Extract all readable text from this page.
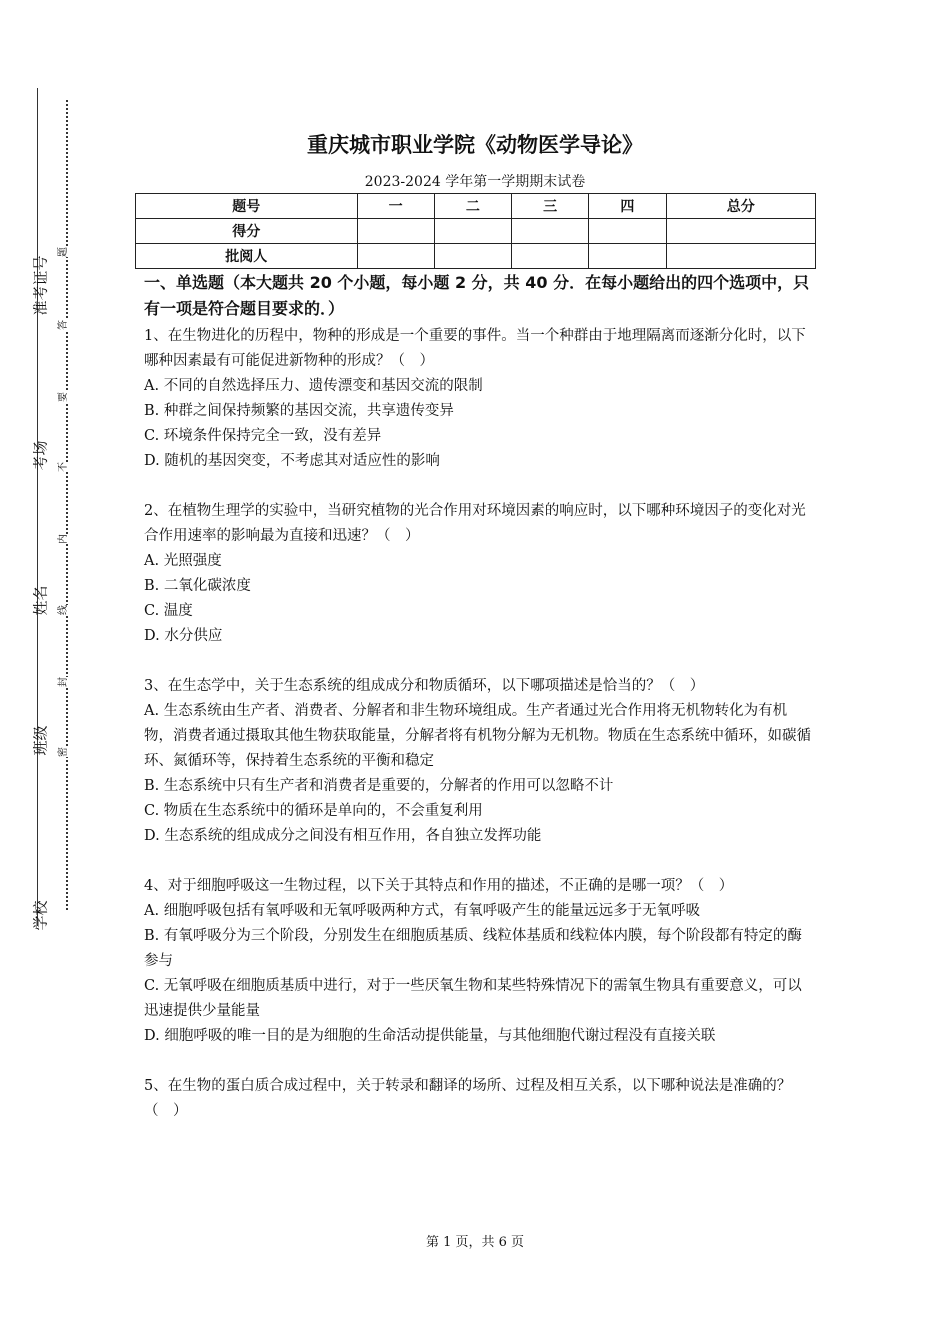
准考证号
考场
姓名
班级
学校
题
答
要
不
内
线
封
密
重庆城市职业学院《动物医学导论》
2023-2024 学年第一学期期末试卷
题号	一	二	三	四	总分
得分					
批阅人					

一、单选题（本大题共 20 个小题，每小题 2 分，共 40 分．在每小题给出的四个选项中，只有一项是符合题目要求的．）

1、在生物进化的历程中，物种的形成是一个重要的事件。当一个种群由于地理隔离而逐渐分化时，以下哪种因素最有可能促进新物种的形成？（　）

A. 不同的自然选择压力、遗传漂变和基因交流的限制

B. 种群之间保持频繁的基因交流，共享遗传变异

C. 环境条件保持完全一致，没有差异

D. 随机的基因突变，不考虑其对适应性的影响

2、在植物生理学的实验中，当研究植物的光合作用对环境因素的响应时，以下哪种环境因子的变化对光合作用速率的影响最为直接和迅速？（　）

A. 光照强度

B. 二氧化碳浓度

C. 温度

D. 水分供应

3、在生态学中，关于生态系统的组成成分和物质循环，以下哪项描述是恰当的？（　）

A. 生态系统由生产者、消费者、分解者和非生物环境组成。生产者通过光合作用将无机物转化为有机物，消费者通过摄取其他生物获取能量，分解者将有机物分解为无机物。物质在生态系统中循环，如碳循环、氮循环等，保持着生态系统的平衡和稳定

B. 生态系统中只有生产者和消费者是重要的，分解者的作用可以忽略不计

C. 物质在生态系统中的循环是单向的，不会重复利用

D. 生态系统的组成成分之间没有相互作用，各自独立发挥功能

4、对于细胞呼吸这一生物过程，以下关于其特点和作用的描述，不正确的是哪一项？（　）

A. 细胞呼吸包括有氧呼吸和无氧呼吸两种方式，有氧呼吸产生的能量远远多于无氧呼吸

B. 有氧呼吸分为三个阶段，分别发生在细胞质基质、线粒体基质和线粒体内膜，每个阶段都有特定的酶参与

C. 无氧呼吸在细胞质基质中进行，对于一些厌氧生物和某些特殊情况下的需氧生物具有重要意义，可以迅速提供少量能量

D. 细胞呼吸的唯一目的是为细胞的生命活动提供能量，与其他细胞代谢过程没有直接关联

5、在生物的蛋白质合成过程中，关于转录和翻译的场所、过程及相互关系，以下哪种说法是准确的？（　）

第 1 页，共 6 页
